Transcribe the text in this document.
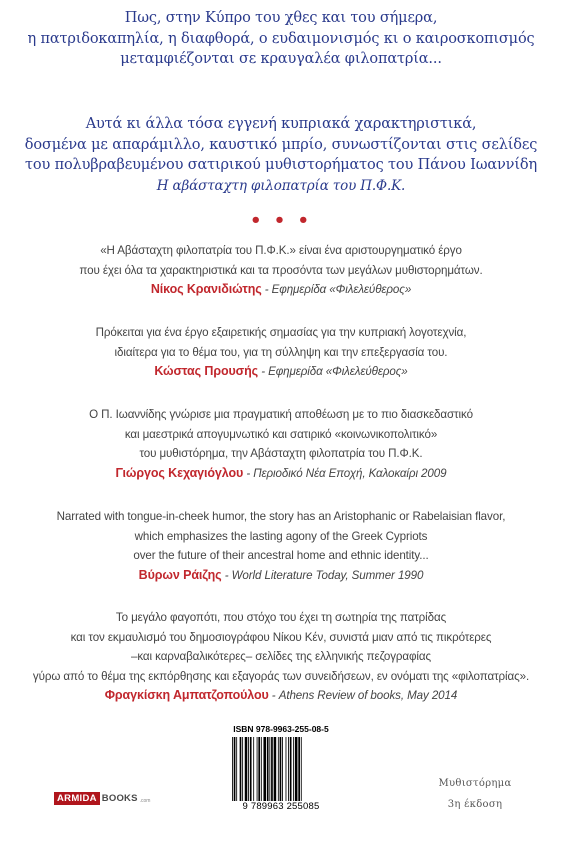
Πως, στην Κύπρο του χθες και του σήμερα,
η πατριδοκαπηλία, η διαφθορά, ο ευδαιμονισμός κι ο καιροσκοπισμός
μεταμφιέζονται σε κραυγαλέα φιλοπατρία...
Αυτά κι άλλα τόσα εγγενή κυπριακά χαρακτηριστικά,
δοσμένα με απαράμιλλο, καυστικό μπρίο, συνωστίζονται στις σελίδες
του πολυβραβευμένου σατιρικού μυθιστορήματος του Πάνου Ιωαννίδη
Η αβάσταχτη φιλοπατρία του Π.Φ.Κ.
• • •
«Η Αβάσταχτη φιλοπατρία του Π.Φ.Κ.» είναι ένα αριστουργηματικό έργο
που έχει όλα τα χαρακτηριστικά και τα προσόντα των μεγάλων μυθιστορημάτων.
Νίκος Κρανιδιώτης - Εφημερίδα «Φιλελεύθερος»
Πρόκειται για ένα έργο εξαιρετικής σημασίας για την κυπριακή λογοτεχνία,
ιδιαίτερα για το θέμα του, για τη σύλληψη και την επεξεργασία του.
Κώστας Προυσής - Εφημερίδα «Φιλελεύθερος»
Ο Π. Ιωαννίδης γνώρισε μια πραγματική αποθέωση με το πιο διασκεδαστικό
και μαεστρικά απογυμνωτικό και σατιρικό «κοινωνικοπολιτικό»
του μυθιστόρημα, την Αβάσταχτη φιλοπατρία του Π.Φ.Κ.
Γιώργος Κεχαγιόγλου - Περιοδικό Νέα Εποχή, Καλοκαίρι 2009
Narrated with tongue-in-cheek humor, the story has an Aristophanic or Rabelaisian flavor,
which emphasizes the lasting agony of the Greek Cypriots
over the future of their ancestral home and ethnic identity...
Βύρων Ράιζης - World Literature Today, Summer 1990
Το μεγάλο φαγοπότι, που στόχο του έχει τη σωτηρία της πατρίδας
και τον εκμαυλισμό του δημοσιογράφου Νίκου Κέν, συνιστά μιαν από τις πικρότερες
–και καρναβαλικότερες– σελίδες της ελληνικής πεζογραφίας
γύρω από το θέμα της εκπόρθησης και εξαγοράς των συνειδήσεων, εν ονόματι της «φιλοπατρίας».
Φραγκίσκη Αμπατζοπούλου - Athens Review of books, May 2014
ISBN 978-9963-255-08-5
9 789963 255085
ARMIDA BOOKS .com
Μυθιστόρημα
3η έκδοση
